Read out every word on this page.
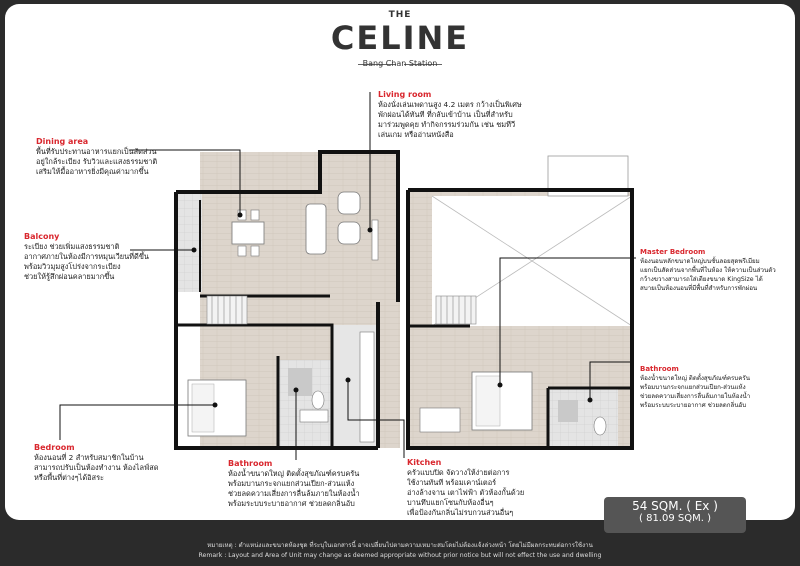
THE
CELINE
Bang Chan Station
Living room
ห้องนั่งเล่นเพดานสูง 4.2 เมตร กว้างเป็นพิเศษ
พักผ่อนได้ทันที ที่กลับเข้าบ้าน เป็นที่สำหรับ
มาร่วมพูดคุย ทำกิจกรรมร่วมกัน เช่น ชมทีวี
เล่นเกม หรืออ่านหนังสือ
Dining area
พื้นที่รับประทานอาหารแยกเป็นสัดส่วน
อยู่ใกล้ระเบียง รับวิวและแสงธรรมชาติ
เสริมให้มื้ออาหารยิ่งมีคุณค่ามากขึ้น
Balcony
ระเบียง ช่วยเพิ่มแสงธรรมชาติ
อากาศภายในห้องมีการหมุนเวียนที่ดีขึ้น
พร้อมวิวมุมสูงโปร่งจากระเบียง
ช่วยให้รู้สึกผ่อนคลายมากขึ้น
Bedroom
ห้องนอนที่ 2 สำหรับสมาชิกในบ้าน
สามารถปรับเป็นห้องทำงาน ห้องไลฟ์สด
หรือพื้นที่ต่างๆได้อิสระ
Bathroom
ห้องน้ำขนาดใหญ่ ติดตั้งสุขภัณฑ์ครบครัน
พร้อมบานกระจกแยกส่วนเปียก-ส่วนแห้ง
ช่วยลดความเสี่ยงการลื่นล้มภายในห้องน้ำ
พร้อมระบบระบายอากาศ ช่วยลดกลิ่นอับ
Kitchen
ครัวแบบปิด จัดวางให้ง่ายต่อการ
ใช้งานทันที พร้อมเคาน์เตอร์
อ่างล้างจาน เตาไฟฟ้า ตัวห้องกั้นด้วย
บานทึบแยกโซนกับห้องอื่นๆ
เพื่อป้องกันกลิ่นไม่รบกวนส่วนอื่นๆ
Master Bedroom
ห้องนอนหลักขนาดใหญ่บนชั้นลอยสุดพรีเมียม
แยกเป็นสัดส่วนจากพื้นที่ในห้อง ให้ความเป็นส่วนตัว
กว้างขวางสามารถใส่เตียงขนาด KingSize ได้
สบายเป็นห้องนอนที่มีพื้นที่สำหรับการพักผ่อน
Bathroom
ห้องน้ำขนาดใหญ่ ติดตั้งสุขภัณฑ์ครบครัน
พร้อมบานกระจกแยกส่วนเปียก-ส่วนแห้ง
ช่วยลดความเสี่ยงการลื่นล้มภายในห้องน้ำ
พร้อมระบบระบายอากาศ ช่วยลดกลิ่นอับ
54 SQM. ( Ex )
( 81.09 SQM. )
หมายเหตุ : ตำแหน่งและขนาดห้องชุด ที่ระบุในเอกสารนี้ อาจเปลี่ยนไปตามความเหมาะสมโดยไม่ต้องแจ้งล่วงหน้า โดยไม่มีผลกระทบต่อการใช้งาน
Remark : Layout and Area of Unit may change as deemed appropriate without prior notice but will not effect the use and dwelling
